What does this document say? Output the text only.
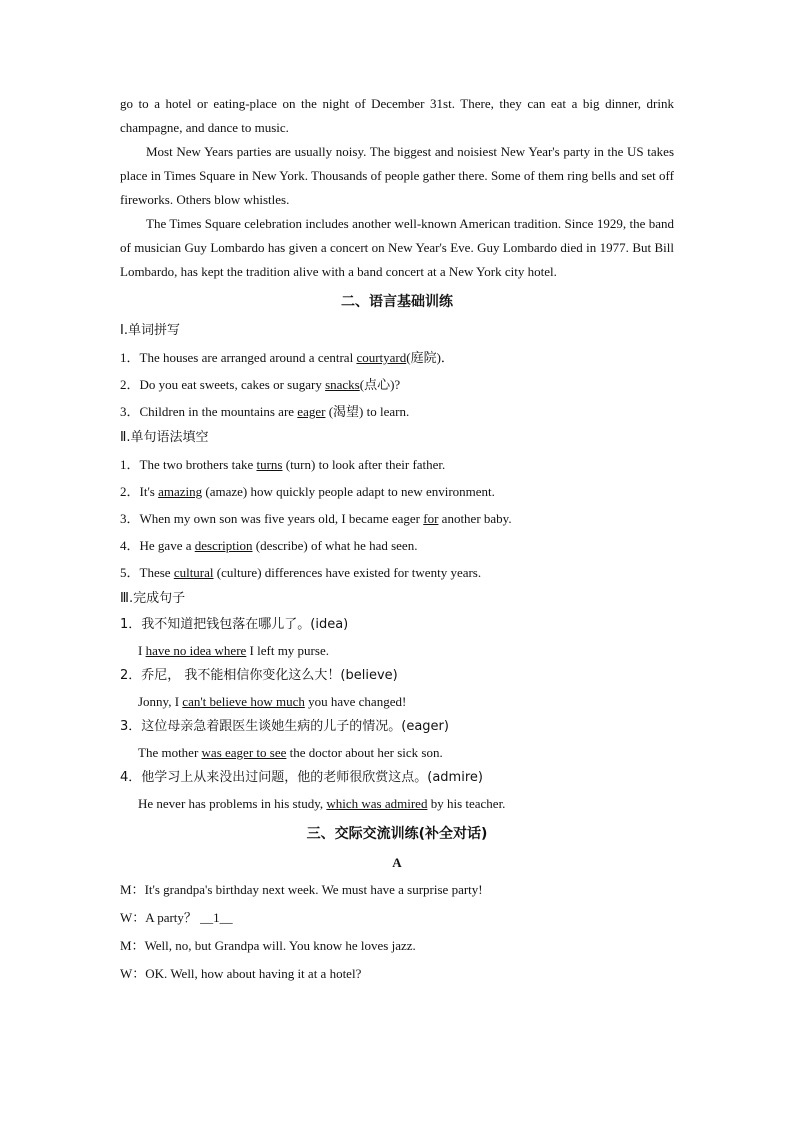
go to a hotel or eating-place on the night of December 31st. There, they can eat a big dinner, drink champagne, and dance to music.

Most New Years parties are usually noisy. The biggest and noisiest New Year's party in the US takes place in Times Square in New York. Thousands of people gather there. Some of them ring bells and set off fireworks. Others blow whistles.

The Times Square celebration includes another well-known American tradition. Since 1929, the band of musician Guy Lombardo has given a concert on New Year's Eve. Guy Lombardo died in 1977. But Bill Lombardo, has kept the tradition alive with a band concert at a New York city hotel.

二、语言基础训练

Ⅰ.单词拼写

1．The houses are arranged around a central courtyard(庭院)．

2．Do you eat sweets, cakes or sugary snacks(点心)?

3．Children in the mountains are eager (渴望) to learn.

Ⅱ.单句语法填空

1．The two brothers take turns (turn) to look after their father.

2．It's amazing (amaze) how quickly people adapt to new environment.

3．When my own son was five years old, I became eager for another baby.

4．He gave a description (describe) of what he had seen.

5．These cultural (culture) differences have existed for twenty years.

Ⅲ.完成句子

1．我不知道把钱包落在哪儿了。(idea)

I have no idea where I left my purse.

2．乔尼， 我不能相信你变化这么大！(believe)

Jonny, I can't believe how much you have changed!

3．这位母亲急着跟医生谈她生病的儿子的情况。(eager)

The mother was eager to see the doctor about her sick son.

4．他学习上从来没出过问题，他的老师很欣赏这点。(admire)

He never has problems in his study, which was admired by his teacher.

三、交际交流训练(补全对话)

A

M：It's grandpa's birthday next week. We must have a surprise party!

W：A party？ __1__

M：Well, no, but Grandpa will. You know he loves jazz.

W：OK. Well, how about having it at a hotel?
